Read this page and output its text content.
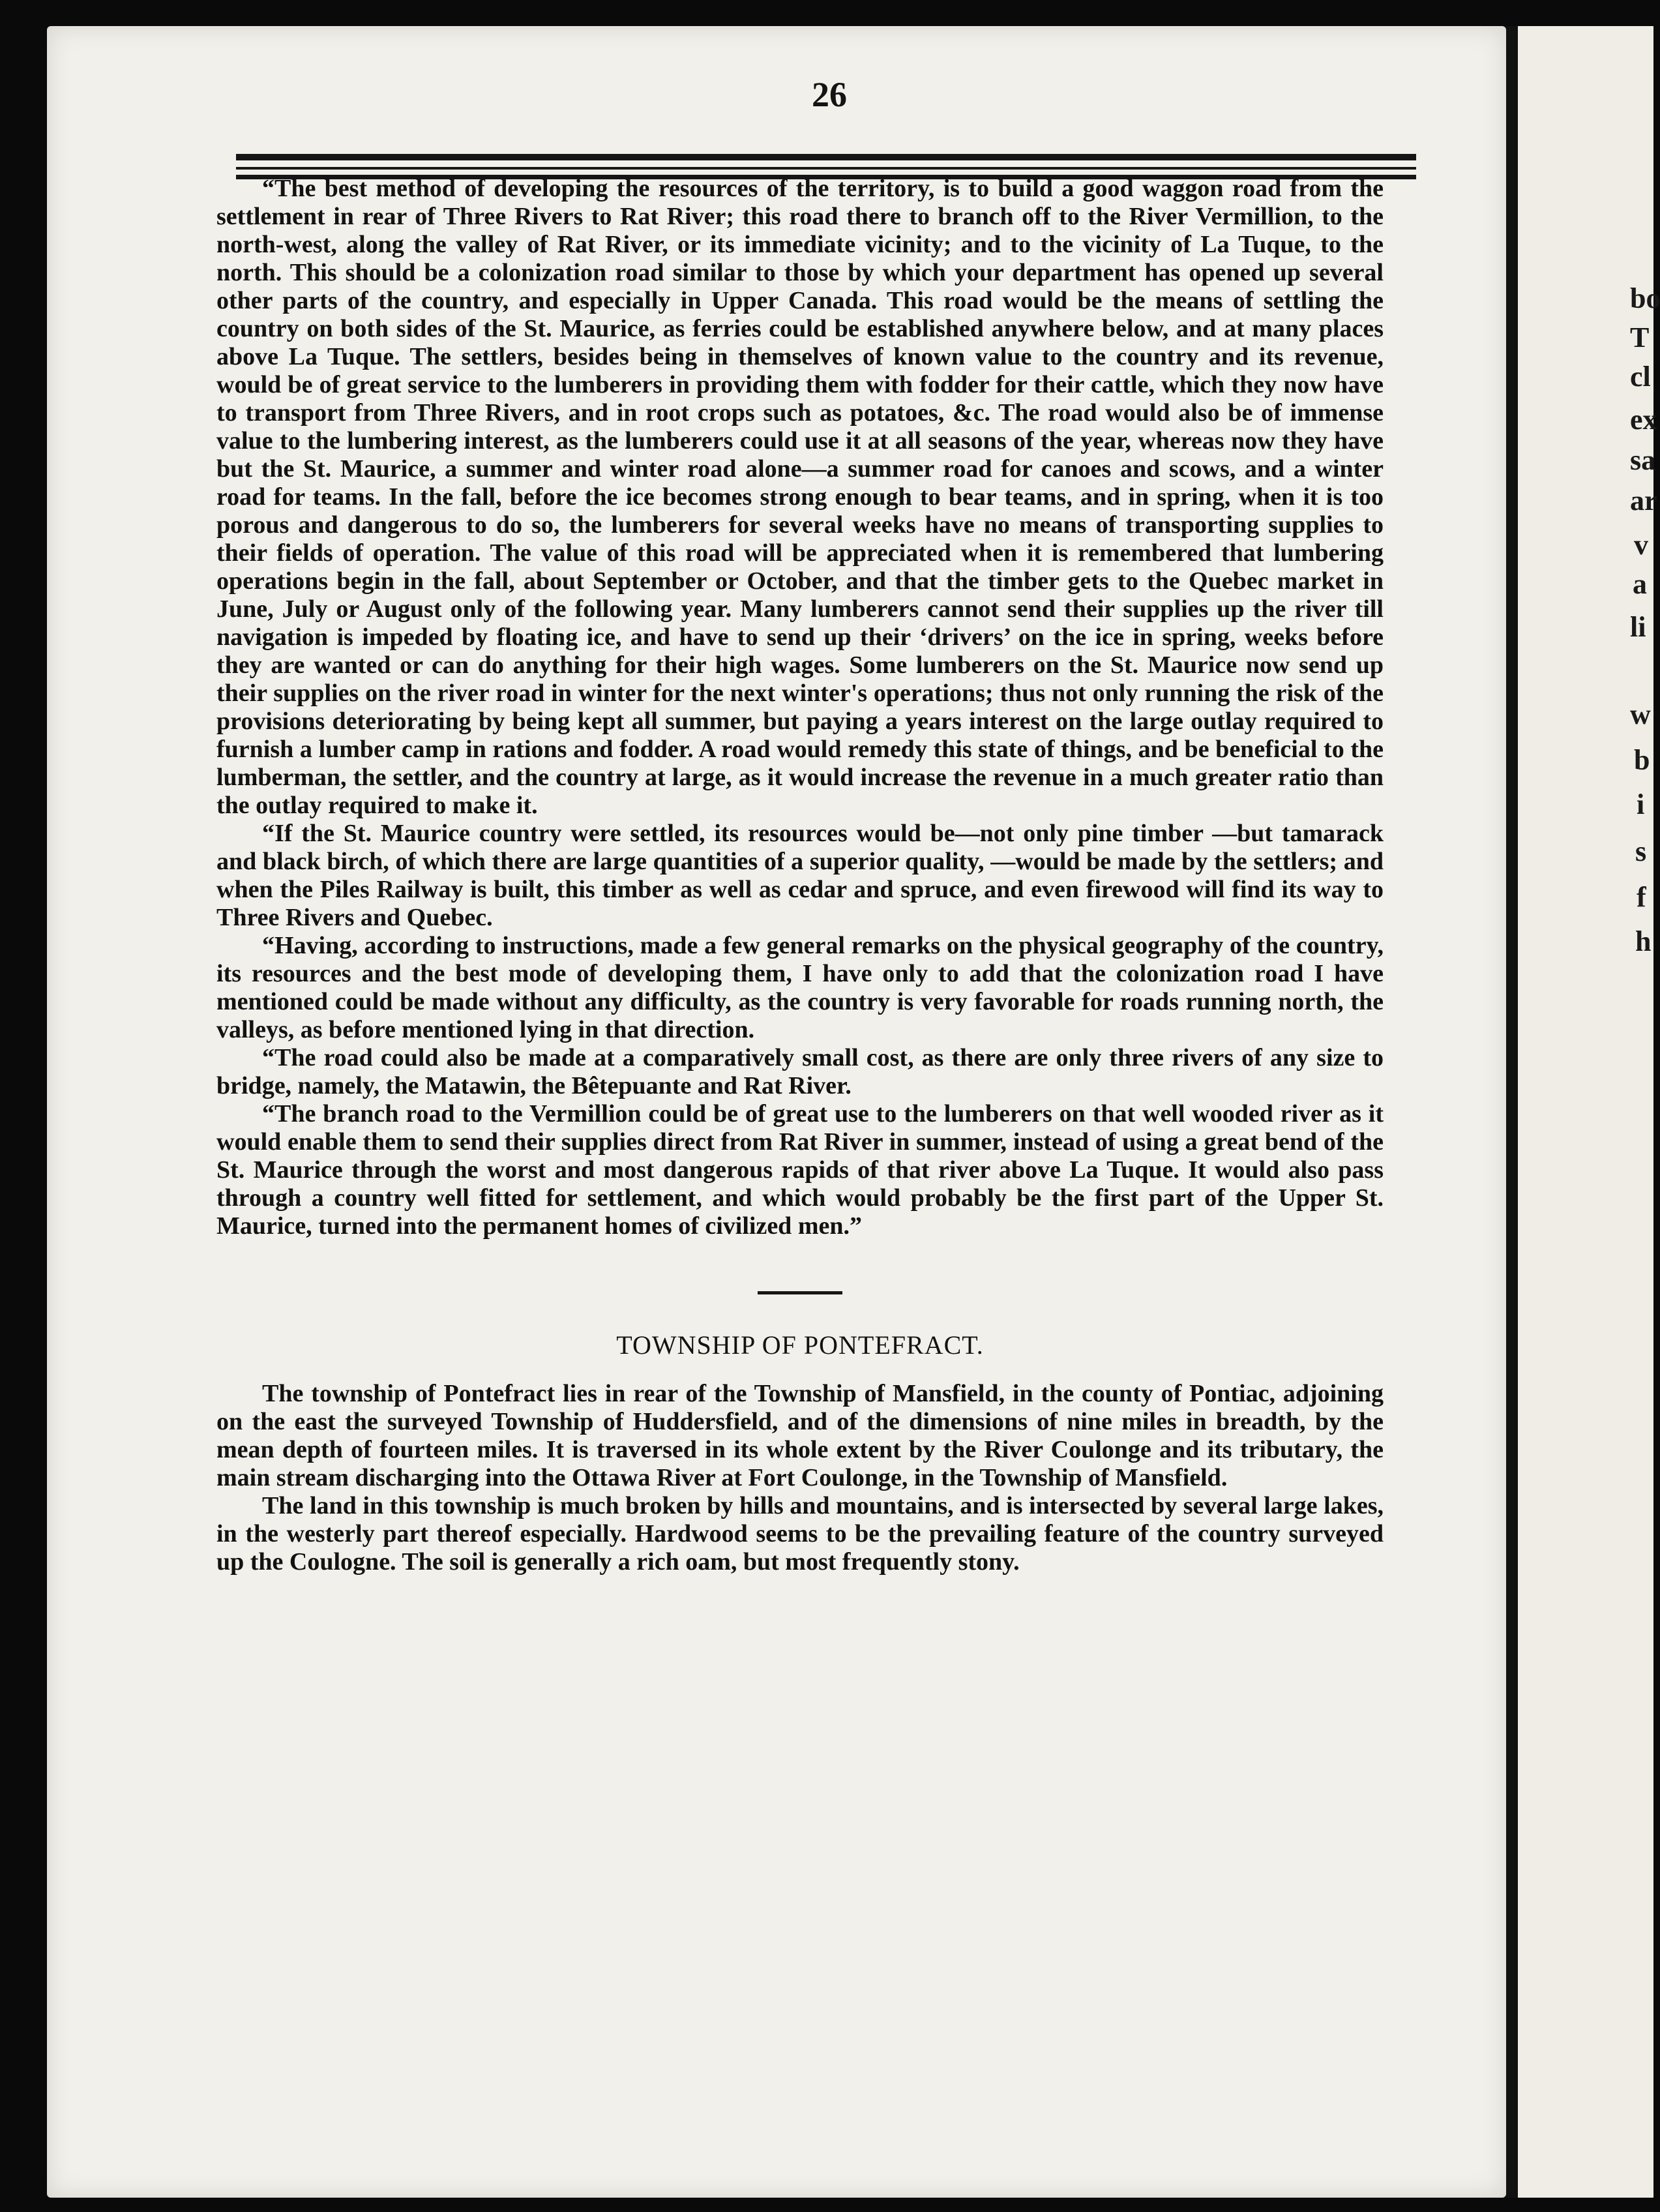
26

“The best method of developing the resources of the territory, is to build a good waggon road from the settlement in rear of Three Rivers to Rat River; this road there to branch off to the River Vermillion, to the north-west, along the valley of Rat River, or its immediate vicinity; and to the vicinity of La Tuque, to the north. This should be a colonization road similar to those by which your department has opened up several other parts of the country, and especially in Upper Canada. This road would be the means of settling the country on both sides of the St. Maurice, as ferries could be established anywhere below, and at many places above La Tuque. The settlers, besides being in themselves of known value to the country and its revenue, would be of great service to the lumberers in providing them with fodder for their cattle, which they now have to transport from Three Rivers, and in root crops such as potatoes, &c. The road would also be of immense value to the lumbering interest, as the lumberers could use it at all seasons of the year, whereas now they have but the St. Maurice, a summer and winter road alone—a summer road for canoes and scows, and a winter road for teams. In the fall, before the ice becomes strong enough to bear teams, and in spring, when it is too porous and dangerous to do so, the lumberers for several weeks have no means of transporting supplies to their fields of operation. The value of this road will be appreciated when it is remembered that lumbering operations begin in the fall, about September or October, and that the timber gets to the Quebec market in June, July or August only of the following year. Many lumberers cannot send their supplies up the river till navigation is impeded by floating ice, and have to send up their ‘drivers’ on the ice in spring, weeks before they are wanted or can do anything for their high wages. Some lumberers on the St. Maurice now send up their supplies on the river road in winter for the next winter's operations; thus not only running the risk of the provisions deteriorating by being kept all summer, but paying a years interest on the large outlay required to furnish a lumber camp in rations and fodder. A road would remedy this state of things, and be beneficial to the lumberman, the settler, and the country at large, as it would increase the revenue in a much greater ratio than the outlay required to make it.

“If the St. Maurice country were settled, its resources would be—not only pine timber —but tamarack and black birch, of which there are large quantities of a superior quality, —would be made by the settlers; and when the Piles Railway is built, this timber as well as cedar and spruce, and even firewood will find its way to Three Rivers and Quebec.

“Having, according to instructions, made a few general remarks on the physical geography of the country, its resources and the best mode of developing them, I have only to add that the colonization road I have mentioned could be made without any difficulty, as the country is very favorable for roads running north, the valleys, as before mentioned lying in that direction.

“The road could also be made at a comparatively small cost, as there are only three rivers of any size to bridge, namely, the Matawin, the Bêtepuante and Rat River.

“The branch road to the Vermillion could be of great use to the lumberers on that well wooded river as it would enable them to send their supplies direct from Rat River in summer, instead of using a great bend of the St. Maurice through the worst and most dangerous rapids of that river above La Tuque. It would also pass through a country well fitted for settlement, and which would probably be the first part of the Upper St. Maurice, turned into the permanent homes of civilized men.”

TOWNSHIP OF PONTEFRACT.

The township of Pontefract lies in rear of the Township of Mansfield, in the county of Pontiac, adjoining on the east the surveyed Township of Huddersfield, and of the dimensions of nine miles in breadth, by the mean depth of fourteen miles. It is traversed in its whole extent by the River Coulonge and its tributary, the main stream discharging into the Ottawa River at Fort Coulonge, in the Township of Mansfield.

The land in this township is much broken by hills and mountains, and is intersected by several large lakes, in the westerly part thereof especially. Hardwood seems to be the prevailing feature of the country surveyed up the Coulogne. The soil is generally a rich oam, but most frequently stony.

bo
T
cl
ex
sa
ar
v
a
li
w
b
i
s
f
h
